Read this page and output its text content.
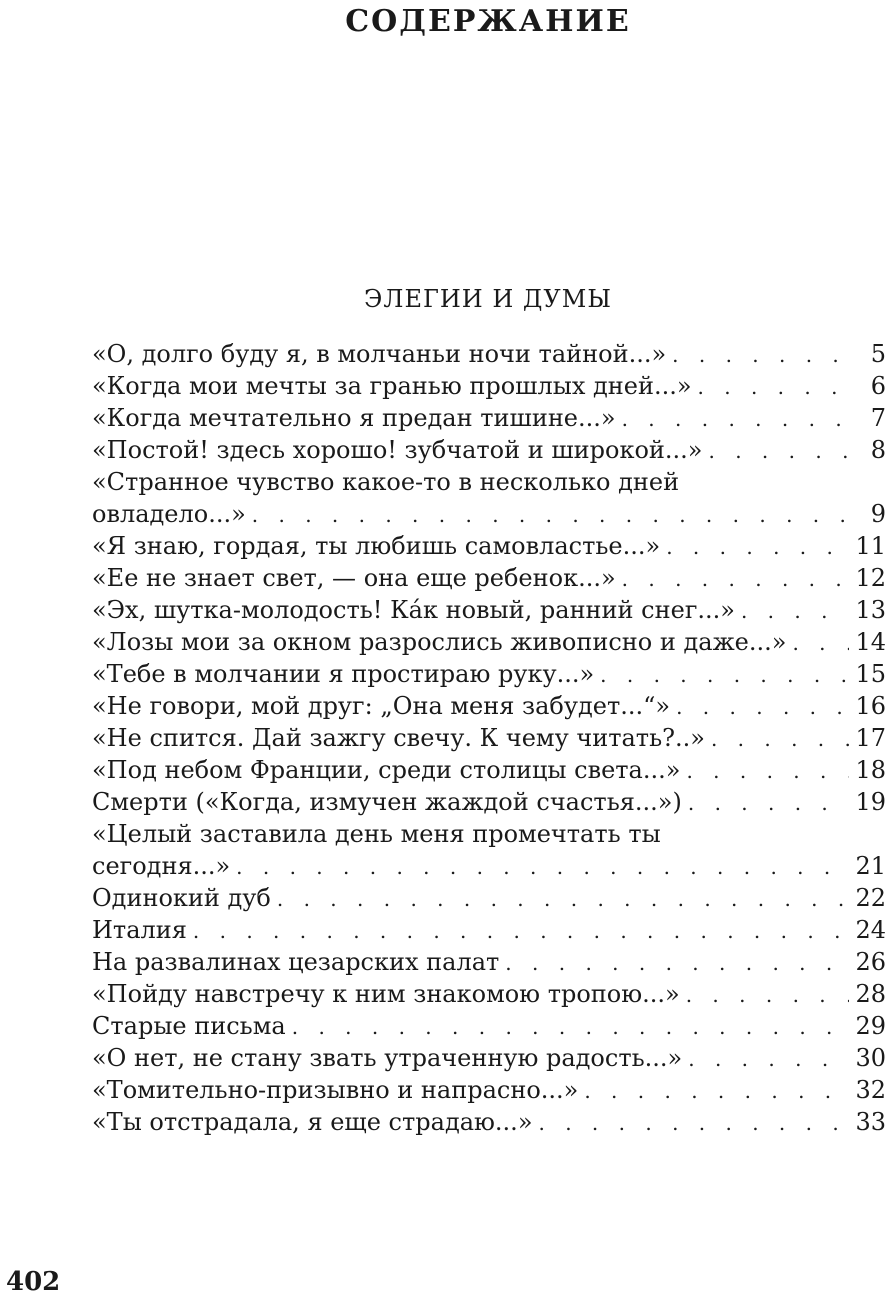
СОДЕРЖАНИЕ
ЭЛЕГИИ И ДУМЫ
«О, долго буду я, в молчаньи ночи тайной...» . . .	5
«Когда мои мечты за гранью прошлых дней...» . . .	6
«Когда мечтательно я предан тишине...» . . .	7
«Постой! здесь хорошо! зубчатой и широкой...» . . .	8
«Странное чувство какое-то в несколько дней
овладело...» . . .	9
«Я знаю, гордая, ты любишь самовластье...» . . .	11
«Ее не знает свет, — она еще ребенок...» . . .	12
«Эх, шутка-молодость! Ка́к новый, ранний снег...» . . .	13
«Лозы мои за окном разрослись живописно и даже...» . . .	14
«Тебе в молчании я простираю руку...» . . .	15
«Не говори, мой друг: „Она меня забудет...“» . . .	16
«Не спится. Дай зажгу свечу. К чему читать?..» . . .	17
«Под небом Франции, среди столицы света...» . . .	18
Смерти («Когда, измучен жаждой счастья...») . . .	19
«Целый заставила день меня промечтать ты
сегодня...» . . .	21
Одинокий дуб . . .	22
Италия . . .	24
На развалинах цезарских палат . . .	26
«Пойду навстречу к ним знакомою тропою...» . . .	28
Старые письма . . .	29
«О нет, не стану звать утраченную радость...» . . .	30
«Томительно-призывно и напрасно...» . . .	32
«Ты отстрадала, я еще страдаю...» . . .	33
402
